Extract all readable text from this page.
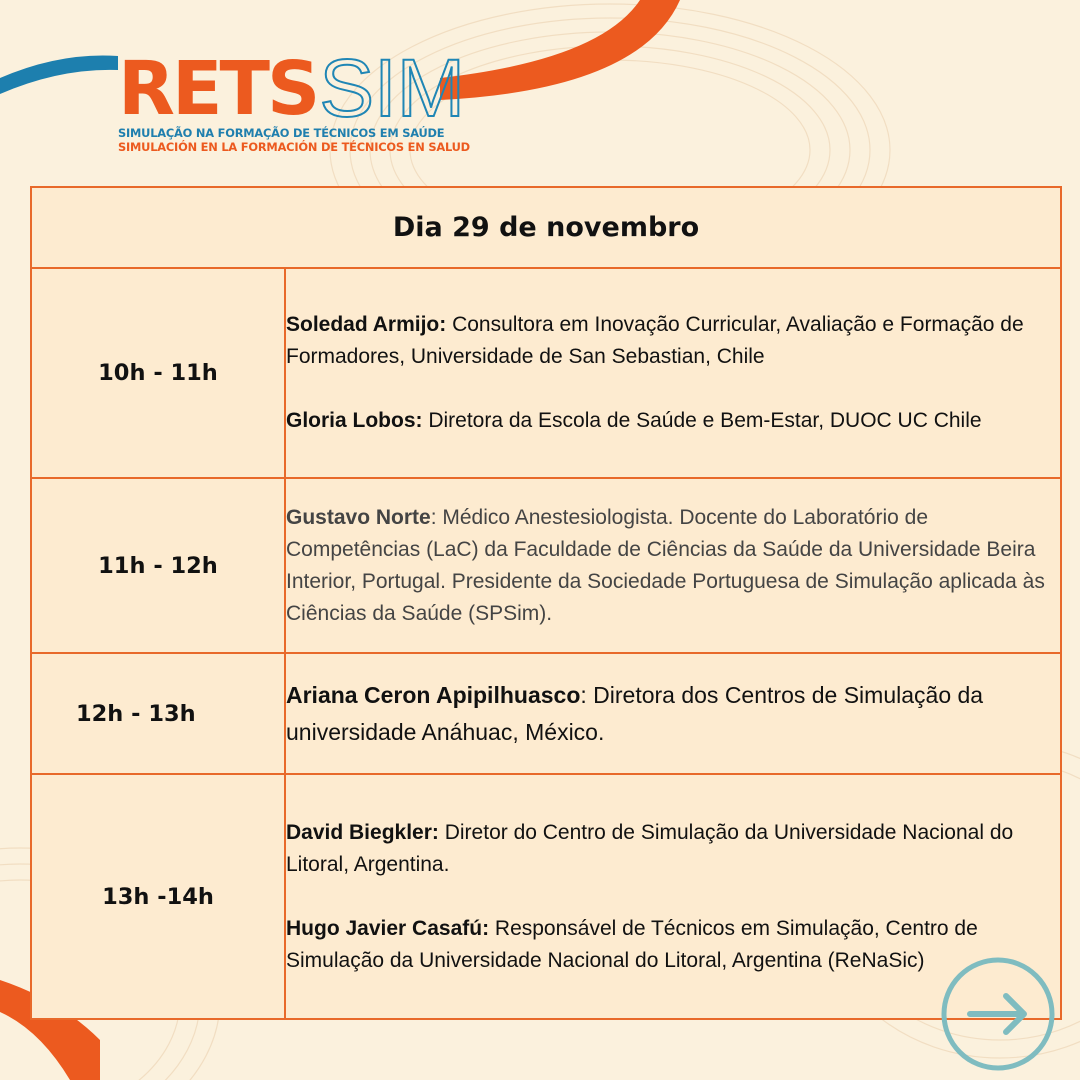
RETSSIM
SIMULAÇÃO NA FORMAÇÃO DE TÉCNICOS EM SAÚDE
SIMULACIÓN EN LA FORMACIÓN DE TÉCNICOS EN SALUD
Dia 29 de novembro	
10h - 11h	Soledad Armijo: Consultora em Inovação Curricular, Avaliação e Formação de Formadores, Universidade de San Sebastian, Chile
Gloria Lobos: Diretora da Escola de Saúde e Bem-Estar, DUOC UC Chile

11h - 12h	Gustavo Norte: Médico Anestesiologista. Docente do Laboratório de Competências (LaC) da Faculdade de Ciências da Saúde da Universidade Beira Interior, Portugal. Presidente da Sociedade Portuguesa de Simulação aplicada às Ciências da Saúde (SPSim).

12h - 13h	Ariana Ceron Apipilhuasco: Diretora dos Centros de Simulação da universidade Anáhuac, México.

13h -14h	David Biegkler: Diretor do Centro de Simulação da Universidade Nacional do Litoral, Argentina.
Hugo Javier Casafú: Responsável de Técnicos em Simulação, Centro de Simulação da Universidade Nacional do Litoral, Argentina (ReNaSic)
